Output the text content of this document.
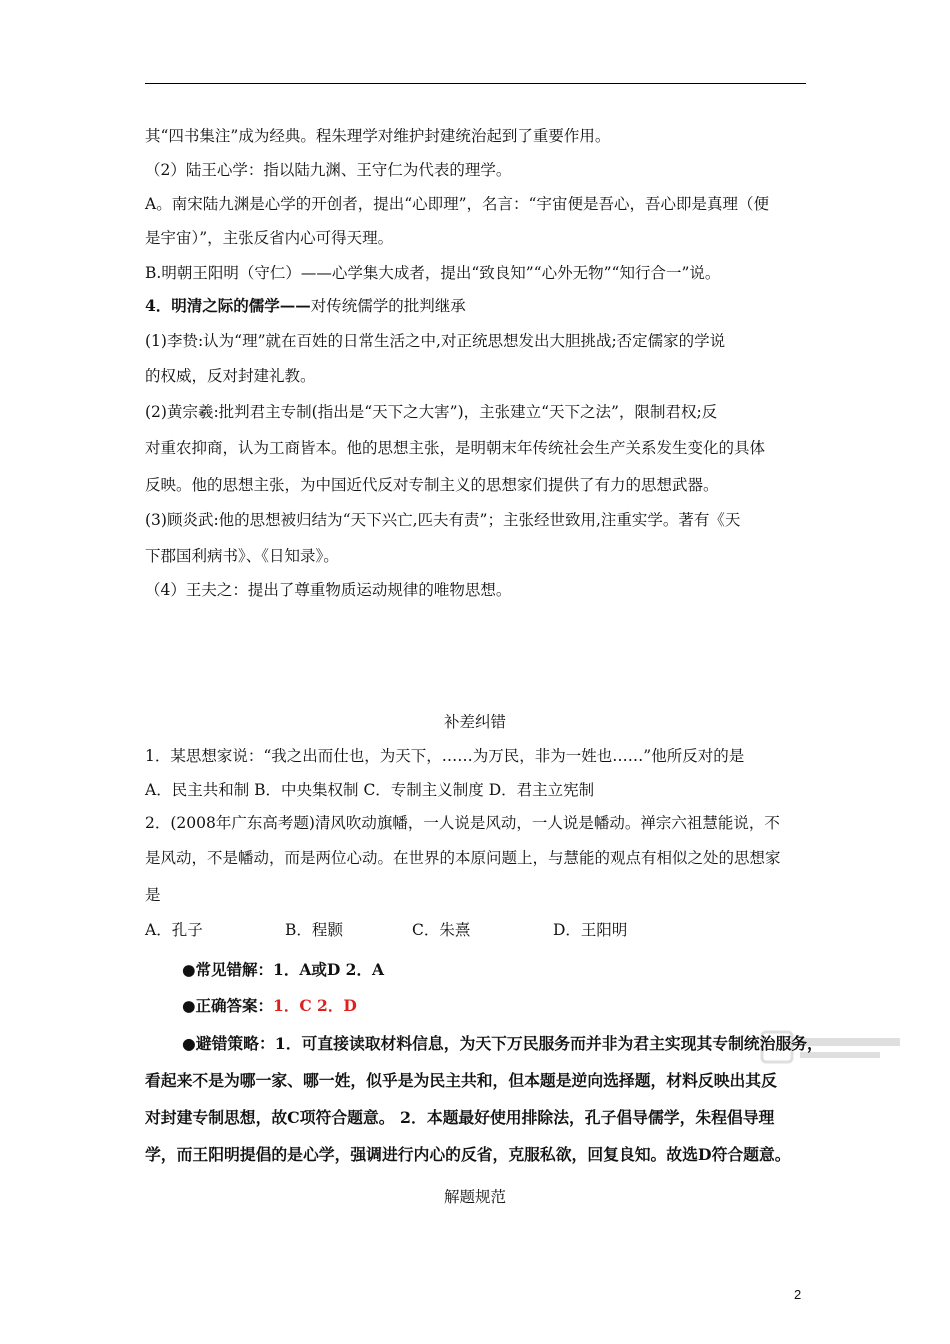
其“四书集注”成为经典。程朱理学对维护封建统治起到了重要作用。
（2）陆王心学：指以陆九渊、王守仁为代表的理学。
A。南宋陆九渊是心学的开创者，提出“心即理”，名言：“宇宙便是吾心，吾心即是真理（便
是宇宙）”，主张反省内心可得天理。
B.明朝王阳明（守仁）——心学集大成者，提出“致良知”“心外无物”“知行合一”说。
4．明清之际的儒学——对传统儒学的批判继承
(1)李贽:认为“理”就在百姓的日常生活之中,对正统思想发出大胆挑战;否定儒家的学说
的权威，反对封建礼教。
(2)黄宗羲:批判君主专制(指出是“天下之大害”)，主张建立“天下之法”，限制君权;反
对重农抑商，认为工商皆本。他的思想主张，是明朝末年传统社会生产关系发生变化的具体
反映。他的思想主张，为中国近代反对专制主义的思想家们提供了有力的思想武器。
(3)顾炎武:他的思想被归结为“天下兴亡,匹夫有责”；主张经世致用,注重实学。著有《天
下郡国利病书》、《日知录》。
（4）王夫之：提出了尊重物质运动规律的唯物思想。
补差纠错
1．某思想家说：“我之出而仕也，为天下，……为万民，非为一姓也……”他所反对的是
A．民主共和制 B．中央集权制 C．专制主义制度 D．君主立宪制
2．(2008年广东高考题)清风吹动旗幡，一人说是风动，一人说是幡动。禅宗六祖慧能说，不
是风动，不是幡动，而是两位心动。在世界的本原问题上，与慧能的观点有相似之处的思想家
是
A．孔子	B．程颢	C．朱熹	D．王阳明
●常见错解：1．A或D 2．A
●正确答案：1．C 2．D
●避错策略：1．可直接读取材料信息，为天下万民服务而并非为君主实现其专制统治服务，
看起来不是为哪一家、哪一姓，似乎是为民主共和，但本题是逆向选择题，材料反映出其反
对封建专制思想，故C项符合题意。 2．本题最好使用排除法，孔子倡导儒学，朱程倡导理
学，而王阳明提倡的是心学，强调进行内心的反省，克服私欲，回复良知。故选D符合题意。
解题规范
2
